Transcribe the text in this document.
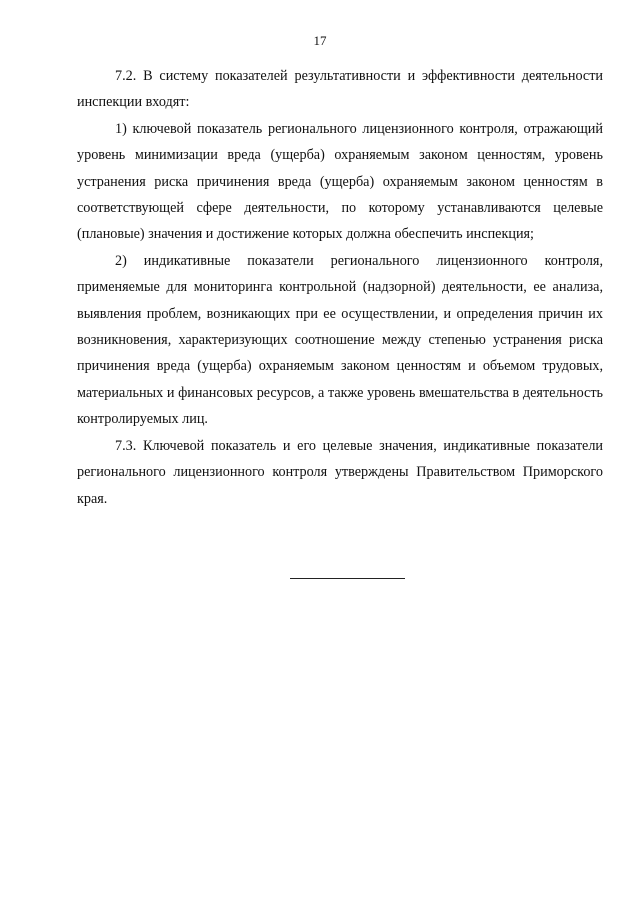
17

7.2. В систему показателей результативности и эффективности деятельности инспекции входят:

1) ключевой показатель регионального лицензионного контроля, отражающий уровень минимизации вреда (ущерба) охраняемым законом ценностям, уровень устранения риска причинения вреда (ущерба) охраняемым законом ценностям в соответствующей сфере деятельности, по которому устанавливаются целевые (плановые) значения и достижение которых должна обеспечить инспекция;

2) индикативные показатели регионального лицензионного контроля, применяемые для мониторинга контрольной (надзорной) деятельности, ее анализа, выявления проблем, возникающих при ее осуществлении, и определения причин их возникновения, характеризующих соотношение между степенью устранения риска причинения вреда (ущерба) охраняемым законом ценностям и объемом трудовых, материальных и финансовых ресурсов, а также уровень вмешательства в деятельность контролируемых лиц.

7.3. Ключевой показатель и его целевые значения, индикативные показатели регионального лицензионного контроля утверждены Правительством Приморского края.
